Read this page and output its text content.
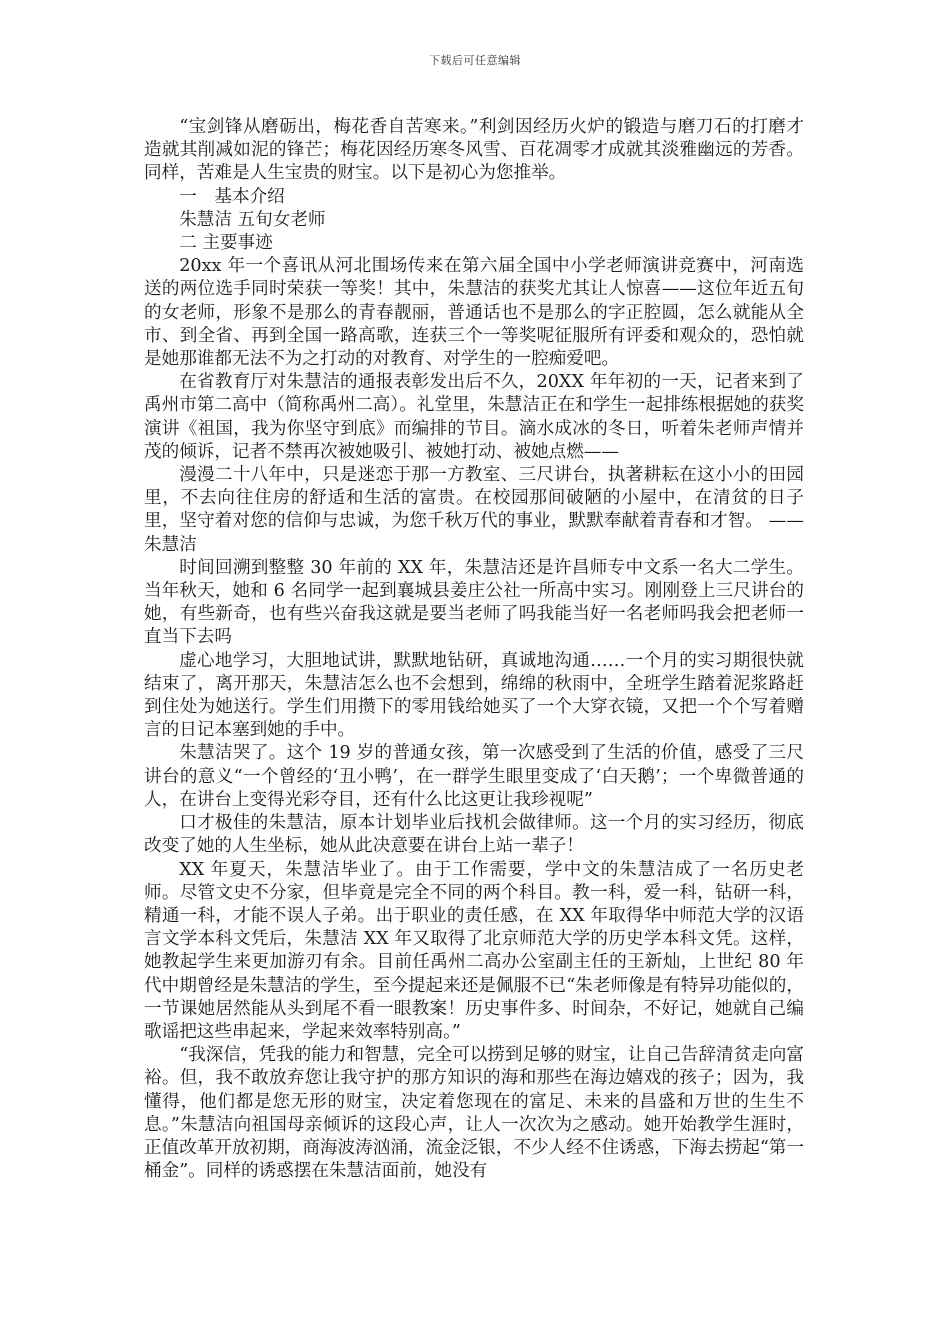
下载后可任意编辑

“宝剑锋从磨砺出，梅花香自苦寒来。”利剑因经历火炉的锻造与磨刀石的打磨才造就其削减如泥的锋芒；梅花因经历寒冬风雪、百花凋零才成就其淡雅幽远的芳香。同样，苦难是人生宝贵的财宝。以下是初心为您推举。

一　基本介绍

朱慧洁 五旬女老师

二 主要事迹

20xx 年一个喜讯从河北围场传来在第六届全国中小学老师演讲竞赛中，河南选送的两位选手同时荣获一等奖！其中，朱慧洁的获奖尤其让人惊喜——这位年近五旬的女老师，形象不是那么的青春靓丽，普通话也不是那么的字正腔圆，怎么就能从全市、到全省、再到全国一路高歌，连获三个一等奖呢征服所有评委和观众的，恐怕就是她那谁都无法不为之打动的对教育、对学生的一腔痴爱吧。

在省教育厅对朱慧洁的通报表彰发出后不久，20XX 年年初的一天，记者来到了禹州市第二高中（简称禹州二高）。礼堂里，朱慧洁正在和学生一起排练根据她的获奖演讲《祖国，我为你坚守到底》而编排的节目。滴水成冰的冬日，听着朱老师声情并茂的倾诉，记者不禁再次被她吸引、被她打动、被她点燃——

漫漫二十八年中，只是迷恋于那一方教室、三尺讲台，执著耕耘在这小小的田园里，不去向往住房的舒适和生活的富贵。在校园那间破陋的小屋中，在清贫的日子里，坚守着对您的信仰与忠诚，为您千秋万代的事业，默默奉献着青春和才智。 ——朱慧洁

时间回溯到整整 30 年前的 XX 年，朱慧洁还是许昌师专中文系一名大二学生。当年秋天，她和 6 名同学一起到襄城县姜庄公社一所高中实习。刚刚登上三尺讲台的她，有些新奇，也有些兴奋我这就是要当老师了吗我能当好一名老师吗我会把老师一直当下去吗

虚心地学习，大胆地试讲，默默地钻研，真诚地沟通……一个月的实习期很快就结束了，离开那天，朱慧洁怎么也不会想到，绵绵的秋雨中，全班学生踏着泥浆路赶到住处为她送行。学生们用攒下的零用钱给她买了一个大穿衣镜，又把一个个写着赠言的日记本塞到她的手中。

朱慧洁哭了。这个 19 岁的普通女孩，第一次感受到了生活的价值，感受了三尺讲台的意义“一个曾经的‘丑小鸭’，在一群学生眼里变成了‘白天鹅’；一个卑微普通的人，在讲台上变得光彩夺目，还有什么比这更让我珍视呢”

口才极佳的朱慧洁，原本计划毕业后找机会做律师。这一个月的实习经历，彻底改变了她的人生坐标，她从此决意要在讲台上站一辈子！

XX 年夏天，朱慧洁毕业了。由于工作需要，学中文的朱慧洁成了一名历史老师。尽管文史不分家，但毕竟是完全不同的两个科目。教一科，爱一科，钻研一科，精通一科，才能不误人子弟。出于职业的责任感，在 XX 年取得华中师范大学的汉语言文学本科文凭后，朱慧洁 XX 年又取得了北京师范大学的历史学本科文凭。这样，她教起学生来更加游刃有余。目前任禹州二高办公室副主任的王新灿，上世纪 80 年代中期曾经是朱慧洁的学生，至今提起来还是佩服不已“朱老师像是有特异功能似的，一节课她居然能从头到尾不看一眼教案！历史事件多、时间杂，不好记，她就自己编歌谣把这些串起来，学起来效率特别高。”

“我深信，凭我的能力和智慧，完全可以捞到足够的财宝，让自己告辞清贫走向富裕。但，我不敢放弃您让我守护的那方知识的海和那些在海边嬉戏的孩子；因为，我懂得，他们都是您无形的财宝，决定着您现在的富足、未来的昌盛和万世的生生不息。”朱慧洁向祖国母亲倾诉的这段心声，让人一次次为之感动。她开始教学生涯时，正值改革开放初期，商海波涛汹涌，流金泛银，不少人经不住诱惑，下海去捞起“第一桶金”。同样的诱惑摆在朱慧洁面前，她没有
